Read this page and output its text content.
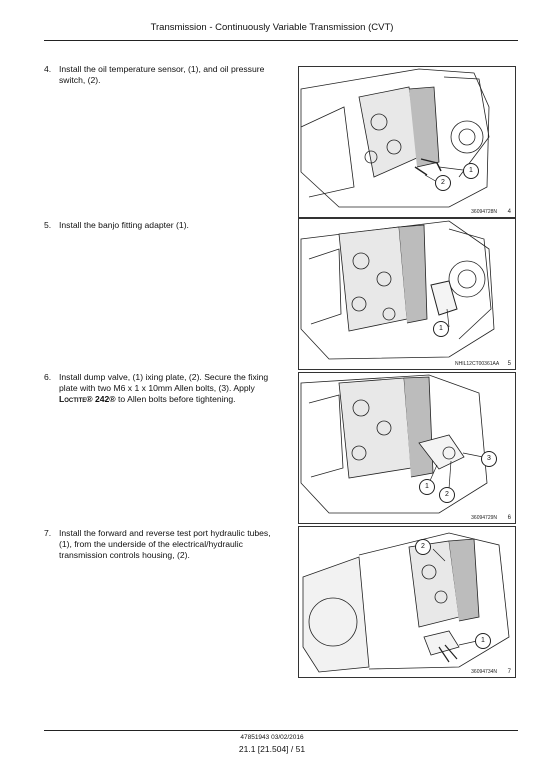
Transmission - Continuously Variable Transmission (CVT)
4. Install the oil temperature sensor, (1), and oil pressure switch, (2).
1
2
36094728N 4
5. Install the banjo fitting adapter (1).
1
NHIL12CT00361AA 5
6. Install dump valve, (1) ixing plate, (2). Secure the fixing plate with two M6 x 1 x 10mm Allen bolts, (3). Apply Loctite® 242® to Allen bolts before tightening.
1
2
3
36094729N 6
7. Install the forward and reverse test port hydraulic tubes, (1), from the underside of the electrical/hydraulic transmission controls housing, (2).
2
1
36094734N 7
47851943 03/02/2016
21.1 [21.504] / 51
